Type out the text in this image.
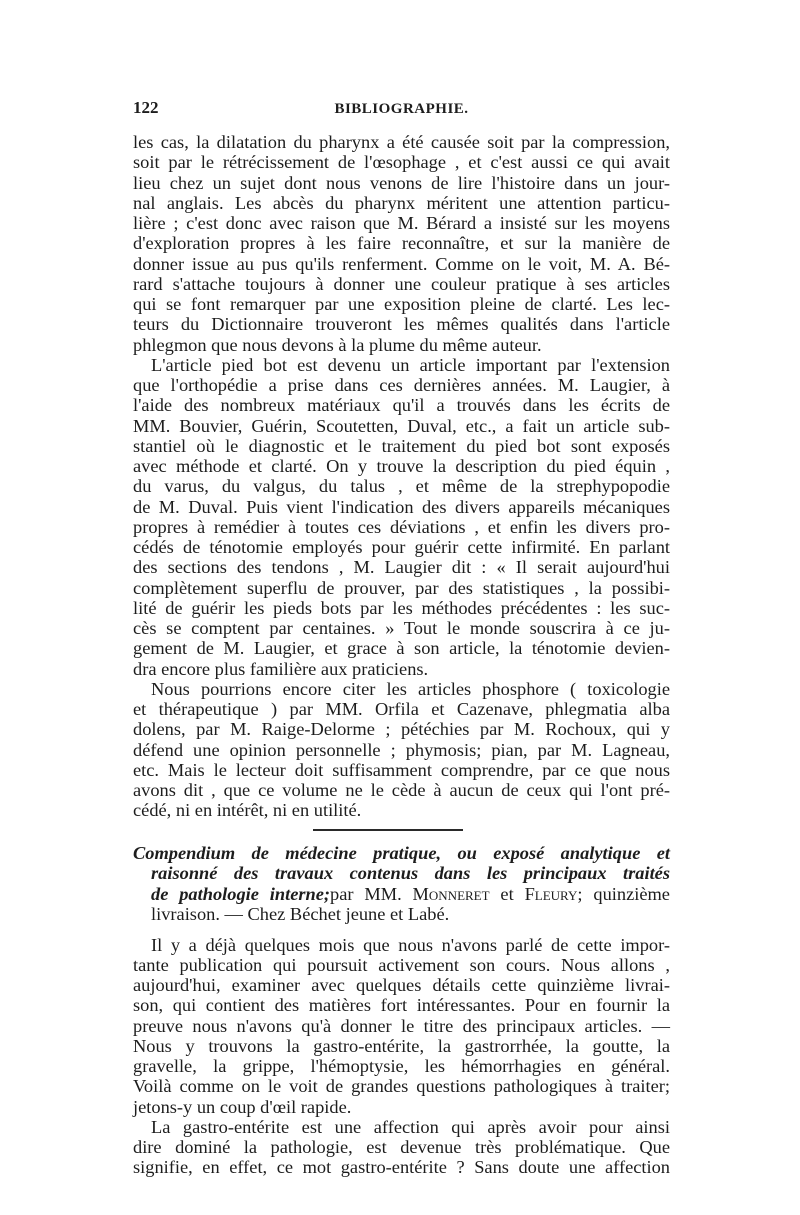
122	BIBLIOGRAPHIE.

les cas, la dilatation du pharynx a été causée soit par la compression,
soit par le rétrécissement de l'œsophage , et c'est aussi ce qui avait
lieu chez un sujet dont nous venons de lire l'histoire dans un jour-
nal anglais. Les abcès du pharynx méritent une attention particu-
lière ; c'est donc avec raison que M. Bérard a insisté sur les moyens
d'exploration propres à les faire reconnaître, et sur la manière de
donner issue au pus qu'ils renferment. Comme on le voit, M. A. Bé-
rard s'attache toujours à donner une couleur pratique à ses articles
qui se font remarquer par une exposition pleine de clarté. Les lec-
teurs du Dictionnaire trouveront les mêmes qualités dans l'article
phlegmon que nous devons à la plume du même auteur.

L'article pied bot est devenu un article important par l'extension
que l'orthopédie a prise dans ces dernières années. M. Laugier, à
l'aide des nombreux matériaux qu'il a trouvés dans les écrits de
MM. Bouvier, Guérin, Scoutetten, Duval, etc., a fait un article sub-
stantiel où le diagnostic et le traitement du pied bot sont exposés
avec méthode et clarté. On y trouve la description du pied équin ,
du varus, du valgus, du talus , et même de la strephypopodie
de M. Duval. Puis vient l'indication des divers appareils mécaniques
propres à remédier à toutes ces déviations , et enfin les divers pro-
cédés de ténotomie employés pour guérir cette infirmité. En parlant
des sections des tendons , M. Laugier dit : « Il serait aujourd'hui
complètement superflu de prouver, par des statistiques , la possibi-
lité de guérir les pieds bots par les méthodes précédentes : les suc-
cès se comptent par centaines. » Tout le monde souscrira à ce ju-
gement de M. Laugier, et grace à son article, la ténotomie devien-
dra encore plus familière aux praticiens.

Nous pourrions encore citer les articles phosphore ( toxicologie
et thérapeutique ) par MM. Orfila et Cazenave, phlegmatia alba
dolens, par M. Raige-Delorme ; pétéchies par M. Rochoux, qui y
défend une opinion personnelle ; phymosis; pian, par M. Lagneau,
etc. Mais le lecteur doit suffisamment comprendre, par ce que nous
avons dit , que ce volume ne le cède à aucun de ceux qui l'ont pré-
cédé, ni en intérêt, ni en utilité.

Compendium de médecine pratique, ou exposé analytique et
raisonné des travaux contenus dans les principaux traités
de pathologie interne;par MM. Monneret et Fleury; quinzième
livraison. — Chez Béchet jeune et Labé.

Il y a déjà quelques mois que nous n'avons parlé de cette impor-
tante publication qui poursuit activement son cours. Nous allons ,
aujourd'hui, examiner avec quelques détails cette quinzième livrai-
son, qui contient des matières fort intéressantes. Pour en fournir la
preuve nous n'avons qu'à donner le titre des principaux articles. —
Nous y trouvons la gastro-entérite, la gastrorrhée, la goutte, la
gravelle, la grippe, l'hémoptysie, les hémorrhagies en général.
Voilà comme on le voit de grandes questions pathologiques à traiter;
jetons-y un coup d'œil rapide.

La gastro-entérite est une affection qui après avoir pour ainsi
dire dominé la pathologie, est devenue très problématique. Que
signifie, en effet, ce mot gastro-entérite ? Sans doute une affection
